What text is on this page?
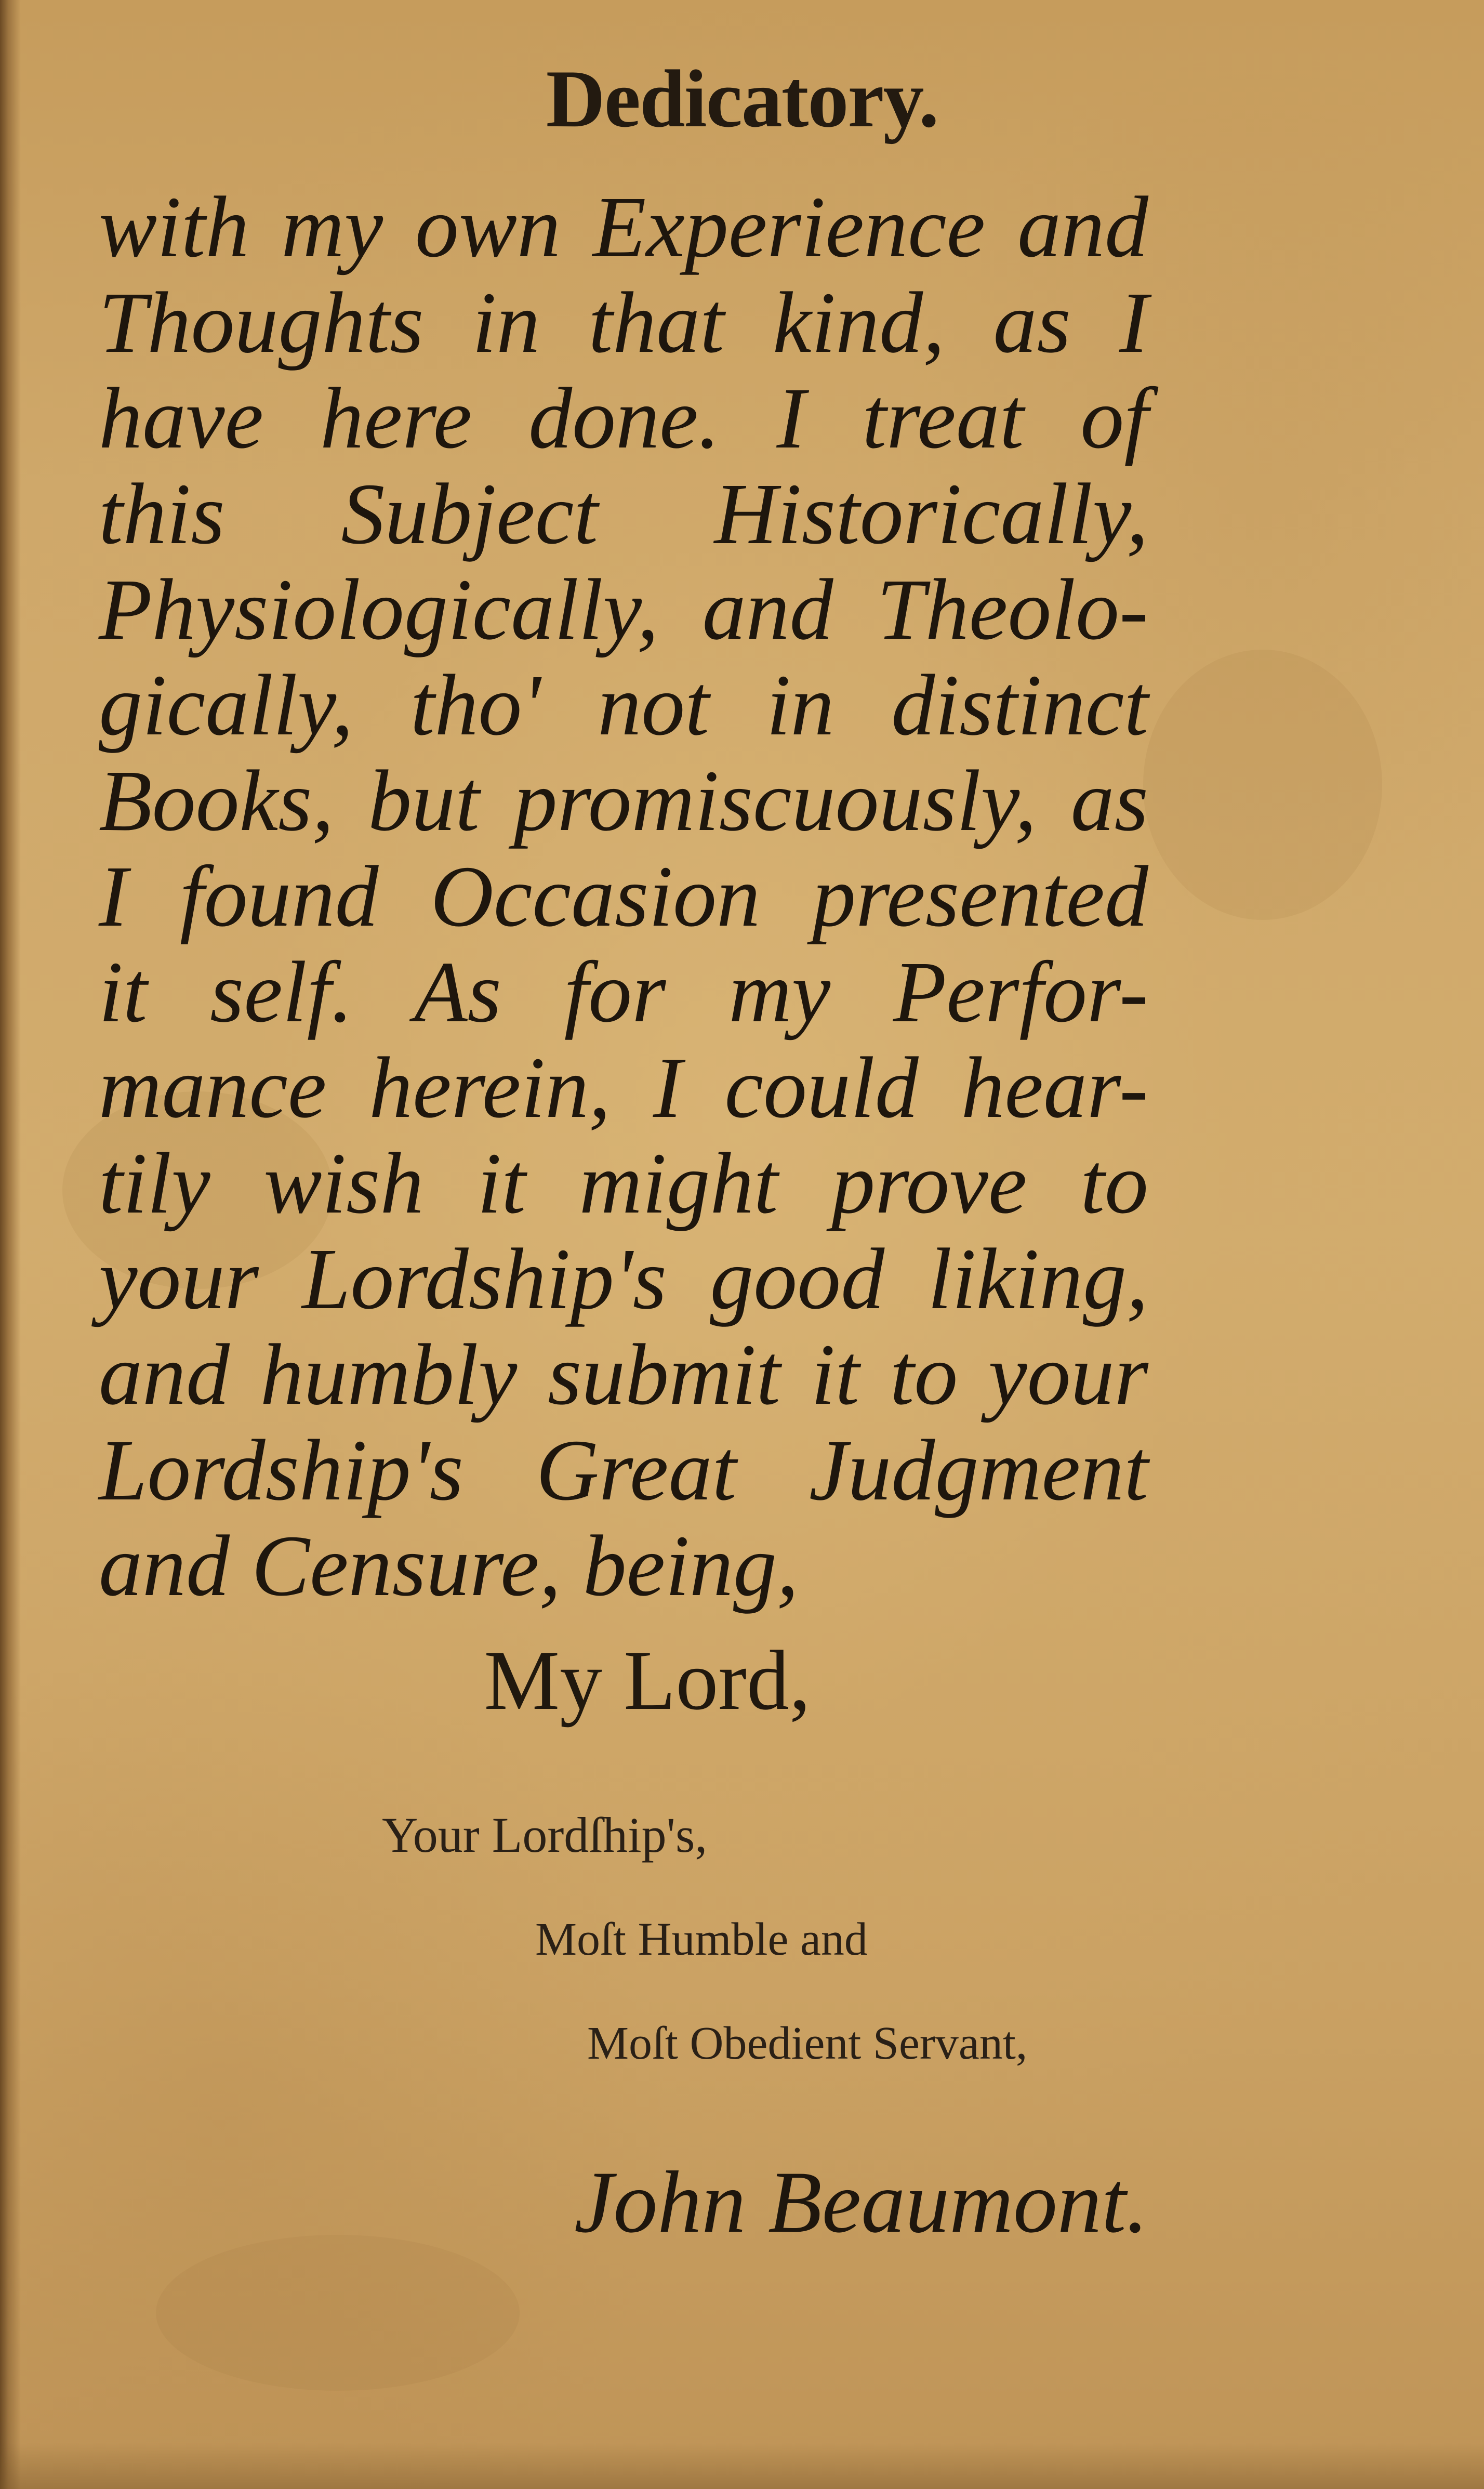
Dedicatory.
with my own Experience and
Thoughts in that kind, as I
have here done. I treat of
this Subject Historically,
Physiologically, and Theolo-
gically, tho' not in distinct
Books, but promiscuously, as
I found Occasion presented
it self. As for my Perfor-
mance herein, I could hear-
tily wish it might prove to
your Lordship's good liking,
and humbly submit it to your
Lordship's Great Judgment
and Censure, being,

My Lord,

Your Lordſhip's,

Moſt Humble and

Moſt Obedient Servant,

John Beaumont.
